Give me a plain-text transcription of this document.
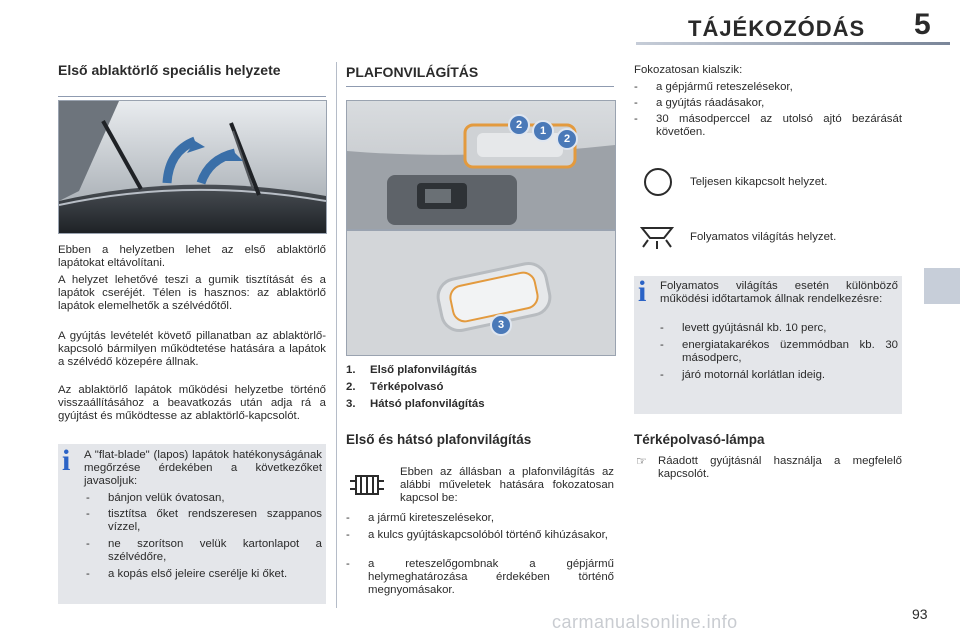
TÁJÉKOZÓDÁS 5
Első ablaktörlő speciális helyzete
Ebben a helyzetben lehet az első ablaktörlő lapátokat eltávolítani.
A helyzet lehetővé teszi a gumik tisztítását és a lapátok cseréjét. Télen is hasznos: az ablaktörlő lapátok elemelhetők a szélvédőtől.
A gyújtás levételét követő pillanatban az ablaktörlő-kapcsoló bármilyen működtetése hatására a lapátok a szélvédő közepére állnak.
Az ablaktörlő lapátok működési helyzetbe történő visszaállításához a beavatkozás után adja rá a gyújtást és működtesse az ablaktörlő-kapcsolót.
i A "flat-blade" (lapos) lapátok hatékonyságának megőrzése érdekében a következőket javasoljuk:
- bánjon velük óvatosan,
- tisztítsa őket rendszeresen szappanos vízzel,
- ne szorítson velük kartonlapot a szélvédőre,
- a kopás első jeleire cserélje ki őket.
PLAFONVILÁGÍTÁS
2	1
2
3
1. Első plafonvilágítás
2. Térképolvasó
3. Hátsó plafonvilágítás
Első és hátsó plafonvilágítás
Ebben az állásban a plafonvilágítás az alábbi műveletek hatására fokozatosan kapcsol be:
- a jármű kireteszelésekor,
- a kulcs gyújtáskapcsolóból történő kihúzásakor,
- a reteszelőgombnak a gépjármű helymeghatározása érdekében történő megnyomásakor.
Fokozatosan kialszik:
- a gépjármű reteszelésekor,
- a gyújtás ráadásakor,
- 30 másodperccel az utolsó ajtó bezárását követően.
Teljesen kikapcsolt helyzet.
Folyamatos világítás helyzet.
i Folyamatos világítás esetén különböző működési időtartamok állnak rendelkezésre:
- levett gyújtásnál kb. 10 perc,
- energiatakarékos üzemmódban kb. 30 másodperc,
- járó motornál korlátlan ideig.
Térképolvasó-lámpa
☞ Ráadott gyújtásnál használja a megfelelő kapcsolót.
93
carmanualsonline.info
